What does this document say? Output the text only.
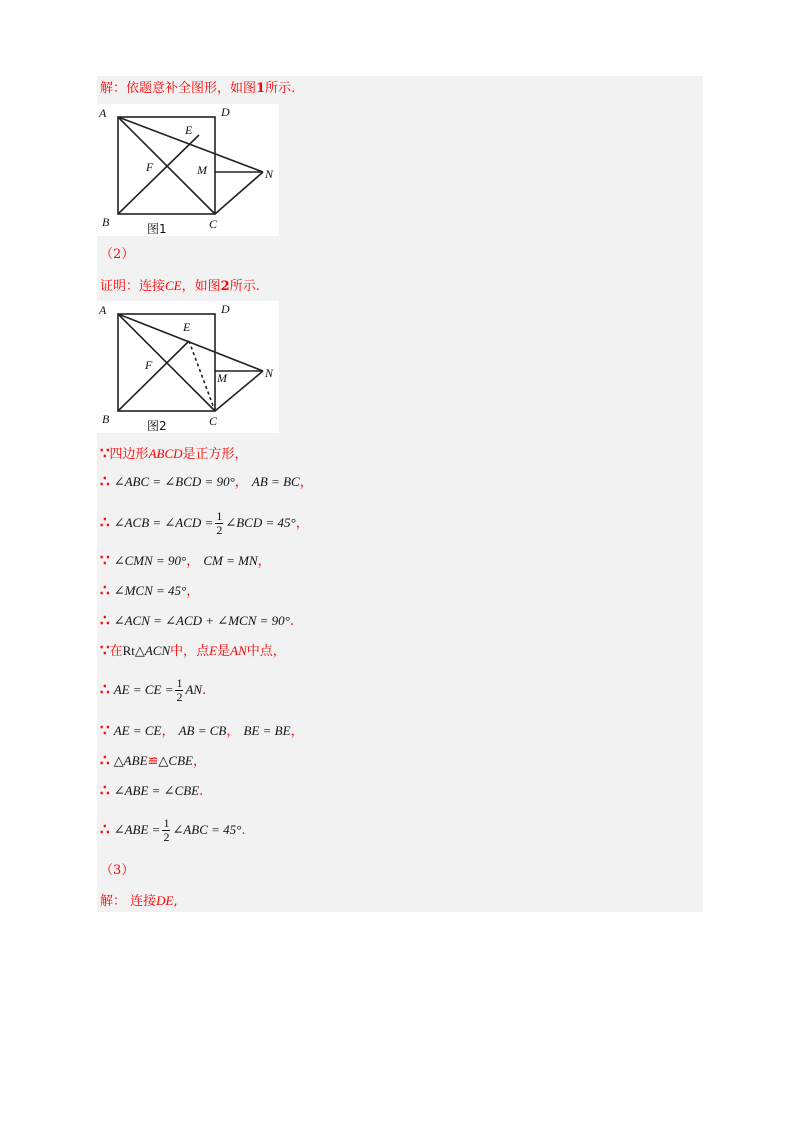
解：依题意补全图形，如图1所示.
A	D
E
F	M	N
B	C
图1
（2）
证明：连接CE，如图2所示.
A	D
E
F
M	N
B	C
图2
∵四边形ABCD是正方形，
∴ ∠ABC = ∠BCD = 90°， AB = BC，
∴ ∠ACB = ∠ACD = $\frac{1}{2}$ ∠BCD = 45°，
∵ ∠CMN = 90°， CM = MN，
∴ ∠MCN = 45°，
∴ ∠ACN = ∠ACD + ∠MCN = 90°.
∵在Rt△ACN中，点E是AN中点，
∴ AE = CE = $\frac{1}{2}$ AN.
∵ AE = CE， AB = CB， BE = BE，
∴ △ABE≌△CBE，
∴ ∠ABE = ∠CBE.
∴ ∠ABE = $\frac{1}{2}$ ∠ABC = 45°.
（3）
解： 连接DE,
